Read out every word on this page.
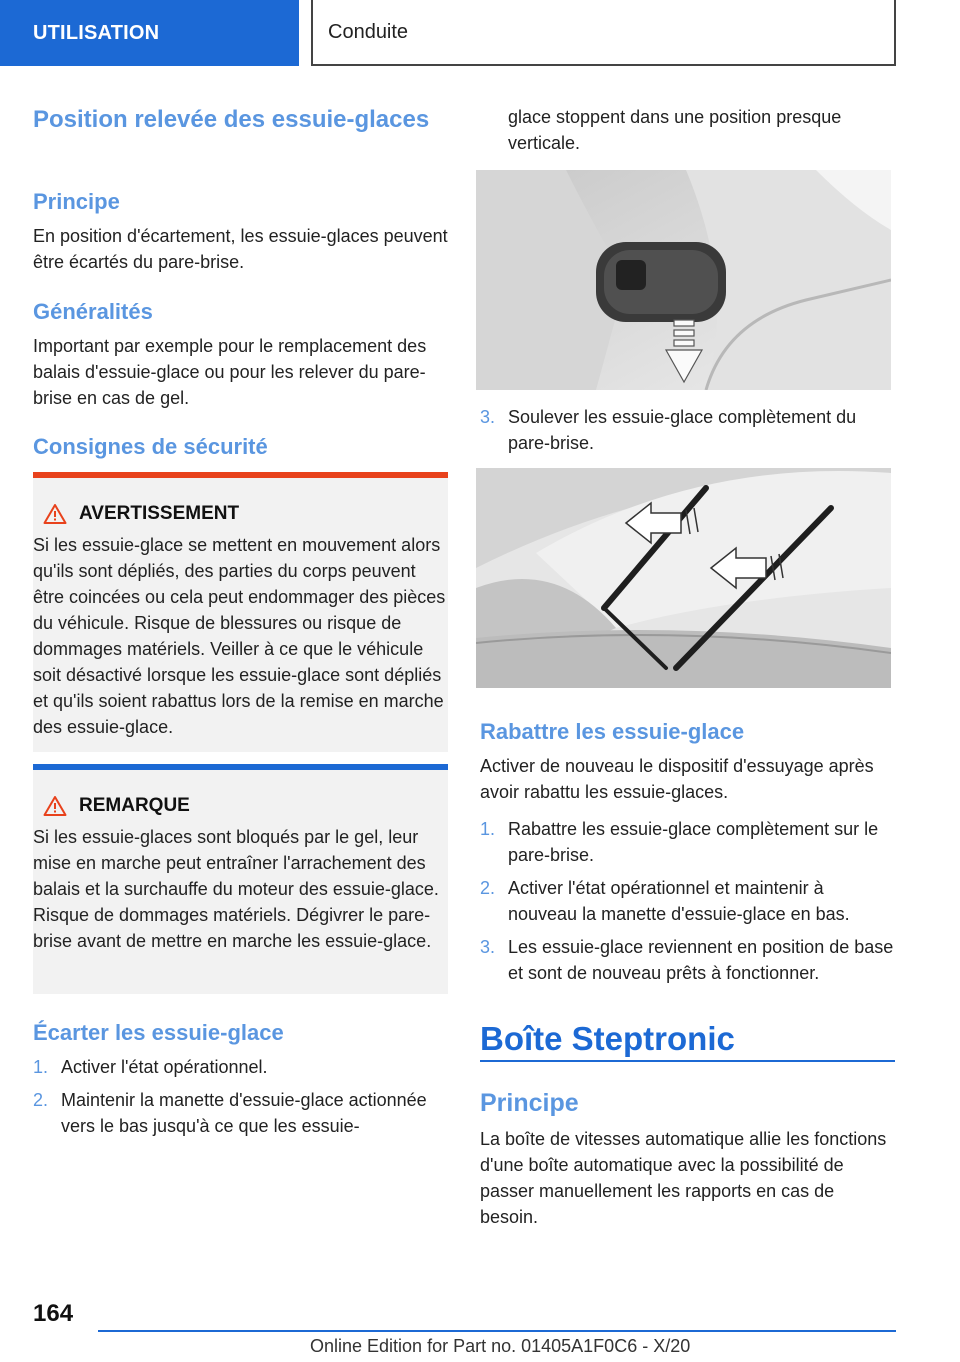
UTILISATION	Conduite
Position relevée des essuie-glaces
Principe
En position d'écartement, les essuie-glaces peuvent être écartés du pare-brise.
Généralités
Important par exemple pour le remplacement des balais d'essuie-glace ou pour les relever du pare-brise en cas de gel.
Consignes de sécurité
AVERTISSEMENT
Si les essuie-glace se mettent en mouvement alors qu'ils sont dépliés, des parties du corps peuvent être coincées ou cela peut endommager des pièces du véhicule. Risque de blessures ou risque de dommages matériels. Veiller à ce que le véhicule soit désactivé lorsque les essuie-glace sont dépliés et qu'ils soient rabattus lors de la remise en marche des essuie-glace.
REMARQUE
Si les essuie-glaces sont bloqués par le gel, leur mise en marche peut entraîner l'arrachement des balais et la surchauffe du moteur des essuie-glace. Risque de dommages matériels. Dégivrer le pare-brise avant de mettre en marche les essuie-glace.
Écarter les essuie-glace
1. Activer l'état opérationnel.
2. Maintenir la manette d'essuie-glace actionnée vers le bas jusqu'à ce que les essuie-
glace stoppent dans une position presque verticale.
3. Soulever les essuie-glace complètement du pare-brise.
Rabattre les essuie-glace
Activer de nouveau le dispositif d'essuyage après avoir rabattu les essuie-glaces.
1. Rabattre les essuie-glace complètement sur le pare-brise.
2. Activer l'état opérationnel et maintenir à nouveau la manette d'essuie-glace en bas.
3. Les essuie-glace reviennent en position de base et sont de nouveau prêts à fonctionner.
Boîte Steptronic
Principe
La boîte de vitesses automatique allie les fonctions d'une boîte automatique avec la possibilité de passer manuellement les rapports en cas de besoin.
164
Online Edition for Part no. 01405A1F0C6 - X/20
